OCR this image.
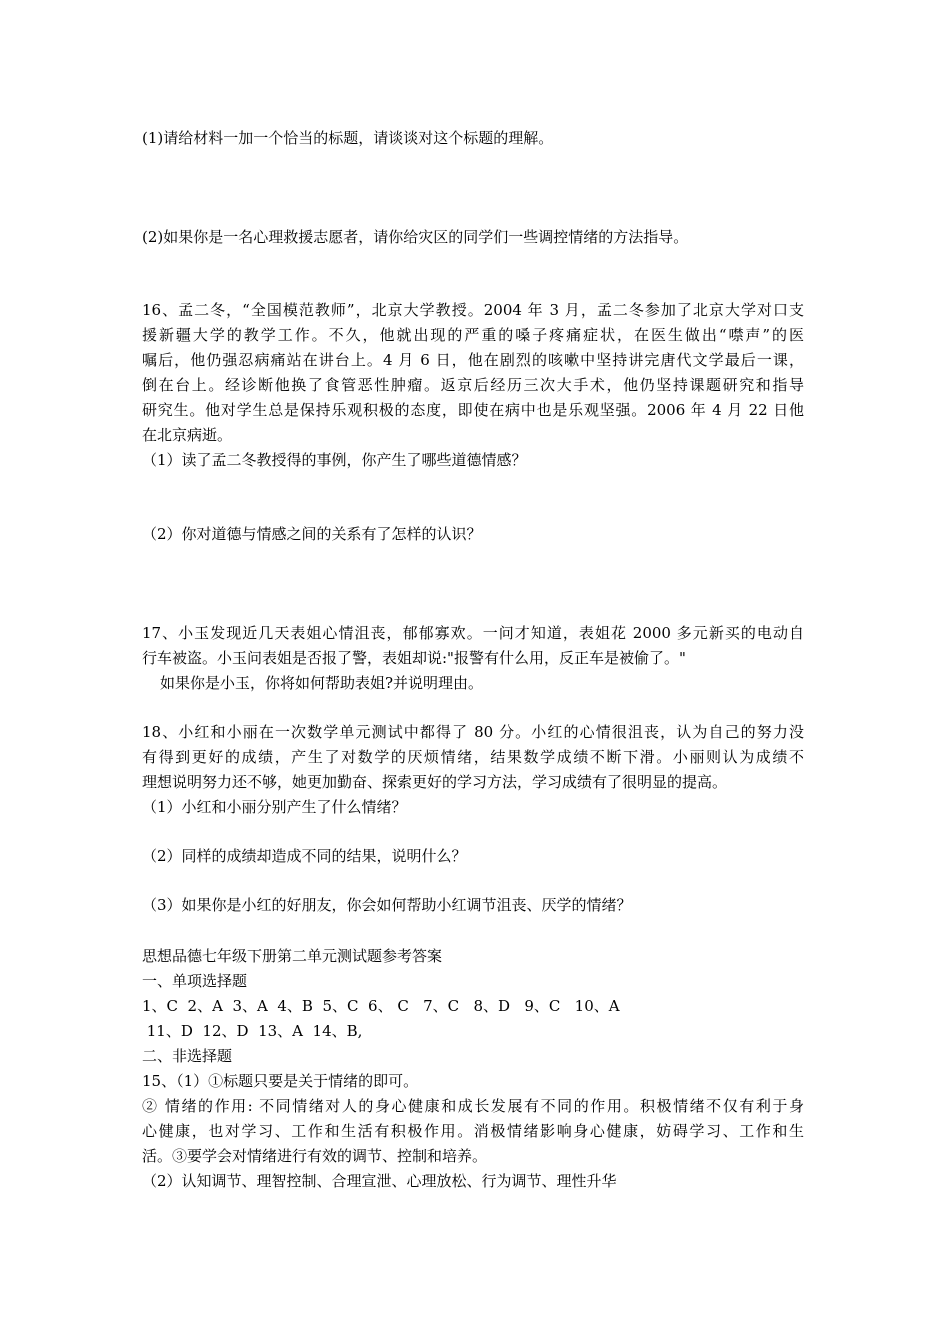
(1)请给材料一加一个恰当的标题，请谈谈对这个标题的理解。
(2)如果你是一名心理救援志愿者，请你给灾区的同学们一些调控情绪的方法指导。
16、孟二冬，“全国模范教师”，北京大学教授。2004 年 3 月，孟二冬参加了北京大学对口支
援新疆大学的教学工作。不久，他就出现的严重的嗓子疼痛症状，在医生做出“噤声”的医
嘱后，他仍强忍病痛站在讲台上。4 月 6 日，他在剧烈的咳嗽中坚持讲完唐代文学最后一课，
倒在台上。经诊断他换了食管恶性肿瘤。返京后经历三次大手术，他仍坚持课题研究和指导
研究生。他对学生总是保持乐观积极的态度，即使在病中也是乐观坚强。2006 年 4 月 22 日他
在北京病逝。
（1）读了孟二冬教授得的事例，你产生了哪些道德情感？
（2）你对道德与情感之间的关系有了怎样的认识？
17、小玉发现近几天表姐心情沮丧，郁郁寡欢。一问才知道，表姐花 2000 多元新买的电动自
行车被盗。小玉问表姐是否报了警，表姐却说:"报警有什么用，反正车是被偷了。"
如果你是小玉，你将如何帮助表姐?并说明理由。
18、小红和小丽在一次数学单元测试中都得了 80 分。小红的心情很沮丧，认为自己的努力没
有得到更好的成绩，产生了对数学的厌烦情绪，结果数学成绩不断下滑。小丽则认为成绩不
理想说明努力还不够，她更加勤奋、探索更好的学习方法，学习成绩有了很明显的提高。
（1）小红和小丽分别产生了什么情绪？
（2）同样的成绩却造成不同的结果，说明什么？
（3）如果你是小红的好朋友，你会如何帮助小红调节沮丧、厌学的情绪？
思想品德七年级下册第二单元测试题参考答案
一、单项选择题
1、C  2、A  3、A  4、B  5、C  6、 C   7、C   8、D   9、C   10、A
11、D  12、D  13、A  14、B,
二、非选择题
15、（1）①标题只要是关于情绪的即可。
② 情绪的作用: 不同情绪对人的身心健康和成长发展有不同的作用。积极情绪不仅有利于身
心健康，也对学习、工作和生活有积极作用。消极情绪影响身心健康，妨碍学习、工作和生
活。③要学会对情绪进行有效的调节、控制和培养。
（2）认知调节、理智控制、合理宣泄、心理放松、行为调节、理性升华
